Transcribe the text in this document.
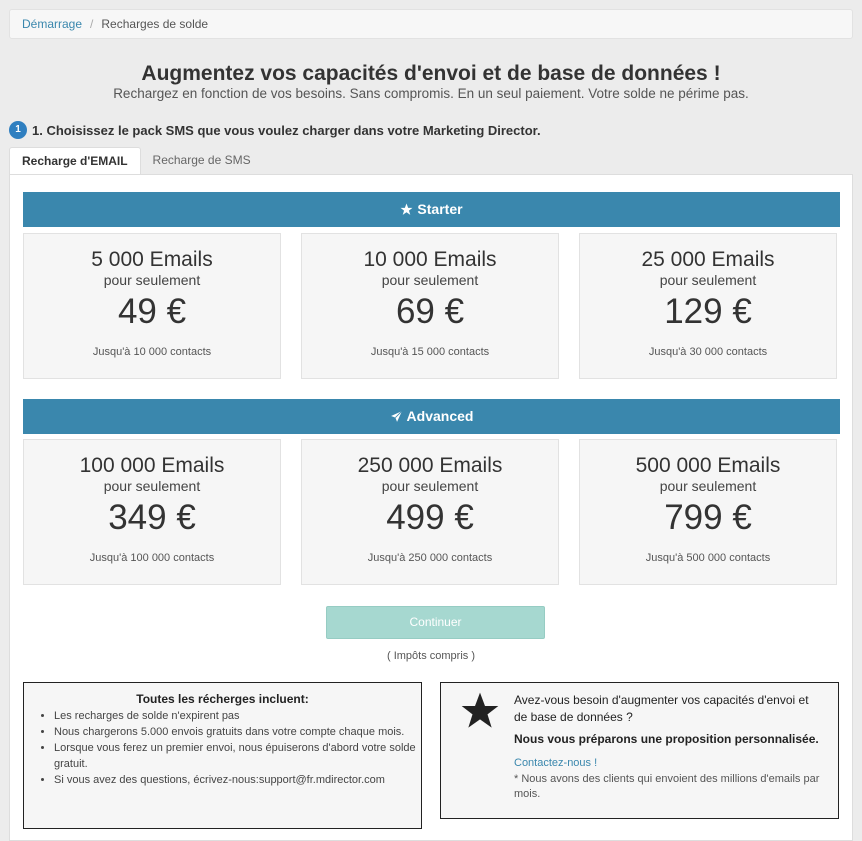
Démarrage / Recharges de solde
Augmentez vos capacités d'envoi et de base de données !
Rechargez en fonction de vos besoins. Sans compromis. En un seul paiement. Votre solde ne périme pas.
1 1. Choisissez le pack SMS que vous voulez charger dans votre Marketing Director.
Recharge d'EMAIL	Recharge de SMS
Starter
5 000 Emails
pour seulement
49 €
Jusqu'à 10 000 contacts
10 000 Emails
pour seulement
69 €
Jusqu'à 15 000 contacts
25 000 Emails
pour seulement
129 €
Jusqu'à 30 000 contacts
Advanced
100 000 Emails
pour seulement
349 €
Jusqu'à 100 000 contacts
250 000 Emails
pour seulement
499 €
Jusqu'à 250 000 contacts
500 000 Emails
pour seulement
799 €
Jusqu'à 500 000 contacts
Continuer
( Impôts compris )
Toutes les récherges incluent:
• Les recharges de solde n'expirent pas
• Nous chargerons 5.000 envois gratuits dans votre compte chaque mois.
• Lorsque vous ferez un premier envoi, nous épuiserons d'abord votre solde gratuit.
• Si vous avez des questions, écrivez-nous:support@fr.mdirector.com
Avez-vous besoin d'augmenter vos capacités d'envoi et de base de données ?
Nous vous préparons une proposition personnalisée.
Contactez-nous !
* Nous avons des clients qui envoient des millions d'emails par mois.
